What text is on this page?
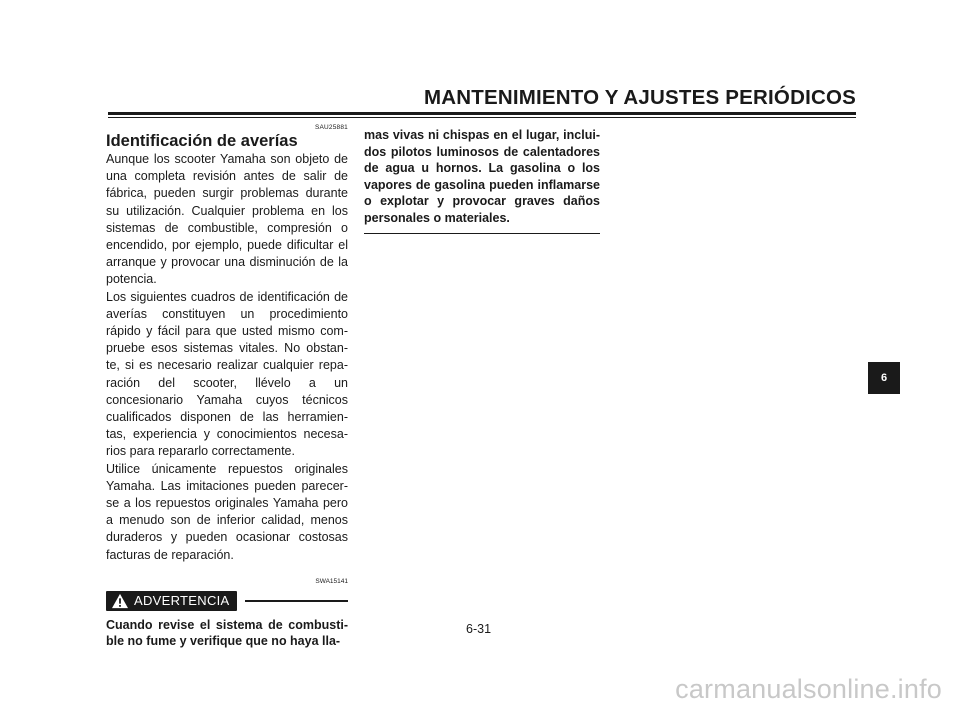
MANTENIMIENTO Y AJUSTES PERIÓDICOS
SAU25881
Identificación de averías

Aunque los scooter Yamaha son objeto de una completa revisión antes de salir de fábrica, pueden surgir problemas durante su utilización. Cualquier problema en los sistemas de combustible, compresión o encendido, por ejemplo, puede dificultar el arranque y provocar una disminución de la potencia.

Los siguientes cuadros de identificación de averías constituyen un procedimiento rápido y fácil para que usted mismo com- pruebe esos sistemas vitales. No obstan- te, si es necesario realizar cualquier repa- ración del scooter, llévelo a un concesionario Yamaha cuyos técnicos cualificados disponen de las herramien- tas, experiencia y conocimientos necesa- rios para repararlo correctamente.

Utilice únicamente repuestos originales Yamaha. Las imitaciones pueden parecer- se a los repuestos originales Yamaha pero a menudo son de inferior calidad, menos duraderos y pueden ocasionar costosas facturas de reparación.

SWA15141
ADVERTENCIA

Cuando revise el sistema de combusti- ble no fume y verifique que no haya lla-

mas vivas ni chispas en el lugar, inclui- dos pilotos luminosos de calentadores de agua u hornos. La gasolina o los vapores de gasolina pueden inflamarse o explotar y provocar graves daños personales o materiales.

6-31
6
carmanualsonline.info
